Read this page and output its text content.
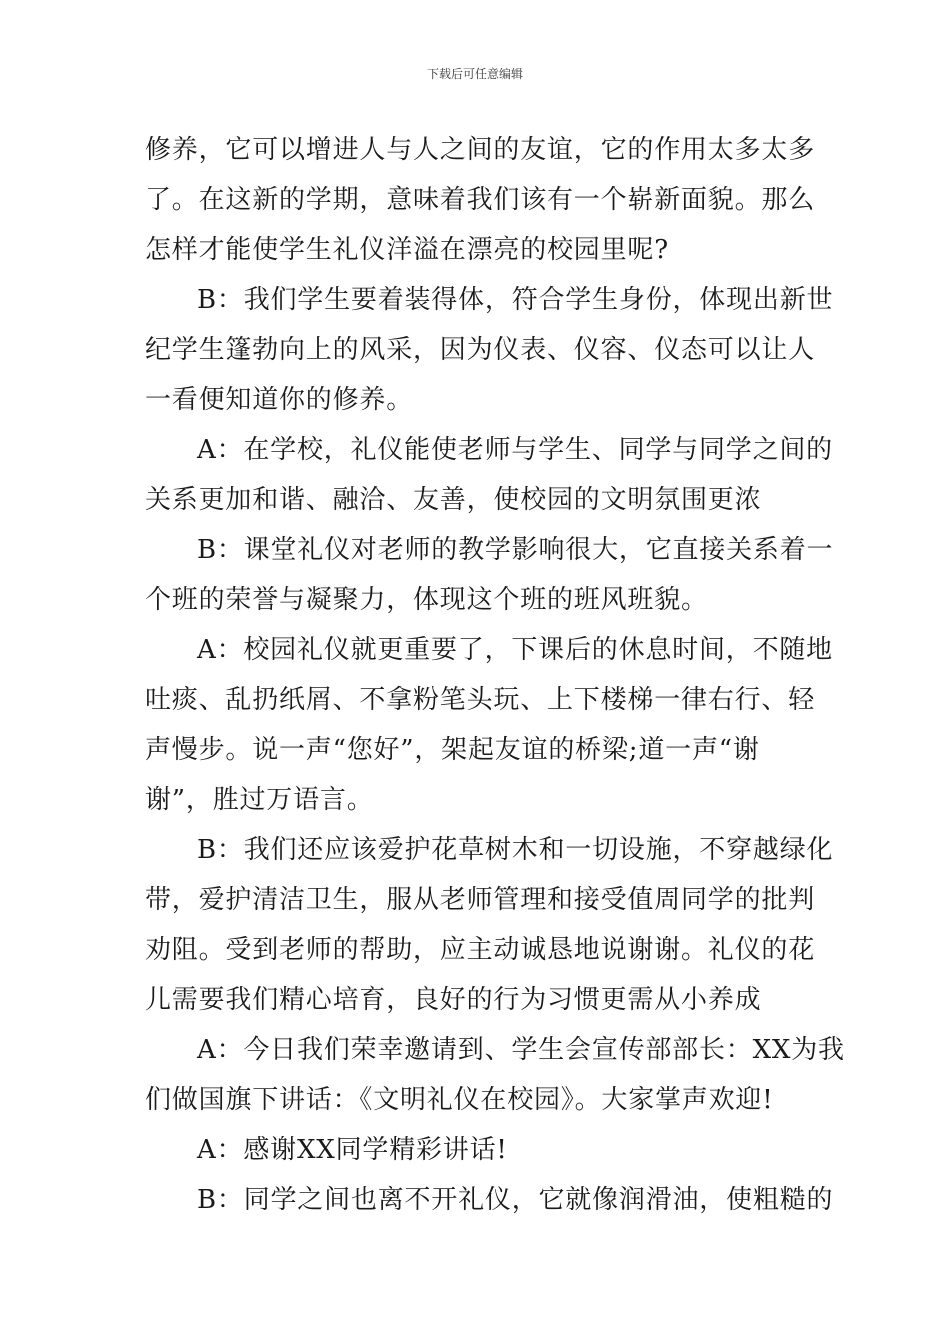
下载后可任意编辑
修养，它可以增进人与人之间的友谊，它的作用太多太多
了。在这新的学期，意味着我们该有一个崭新面貌。那么
怎样才能使学生礼仪洋溢在漂亮的校园里呢?
B：我们学生要着装得体，符合学生身份，体现出新世
纪学生篷勃向上的风采，因为仪表、仪容、仪态可以让人
一看便知道你的修养。
A：在学校，礼仪能使老师与学生、同学与同学之间的
关系更加和谐、融洽、友善，使校园的文明氛围更浓
B：课堂礼仪对老师的教学影响很大，它直接关系着一
个班的荣誉与凝聚力，体现这个班的班风班貌。
A：校园礼仪就更重要了，下课后的休息时间，不随地
吐痰、乱扔纸屑、不拿粉笔头玩、上下楼梯一律右行、轻
声慢步。说一声“您好”，架起友谊的桥梁;道一声“谢
谢”，胜过万语言。
B：我们还应该爱护花草树木和一切设施，不穿越绿化
带，爱护清洁卫生，服从老师管理和接受值周同学的批判
劝阻。受到老师的帮助，应主动诚恳地说谢谢。礼仪的花
儿需要我们精心培育，良好的行为习惯更需从小养成
A：今日我们荣幸邀请到、学生会宣传部部长：XX为我
们做国旗下讲话：《文明礼仪在校园》。大家掌声欢迎!
A：感谢XX同学精彩讲话!
B：同学之间也离不开礼仪，它就像润滑油，使粗糙的
